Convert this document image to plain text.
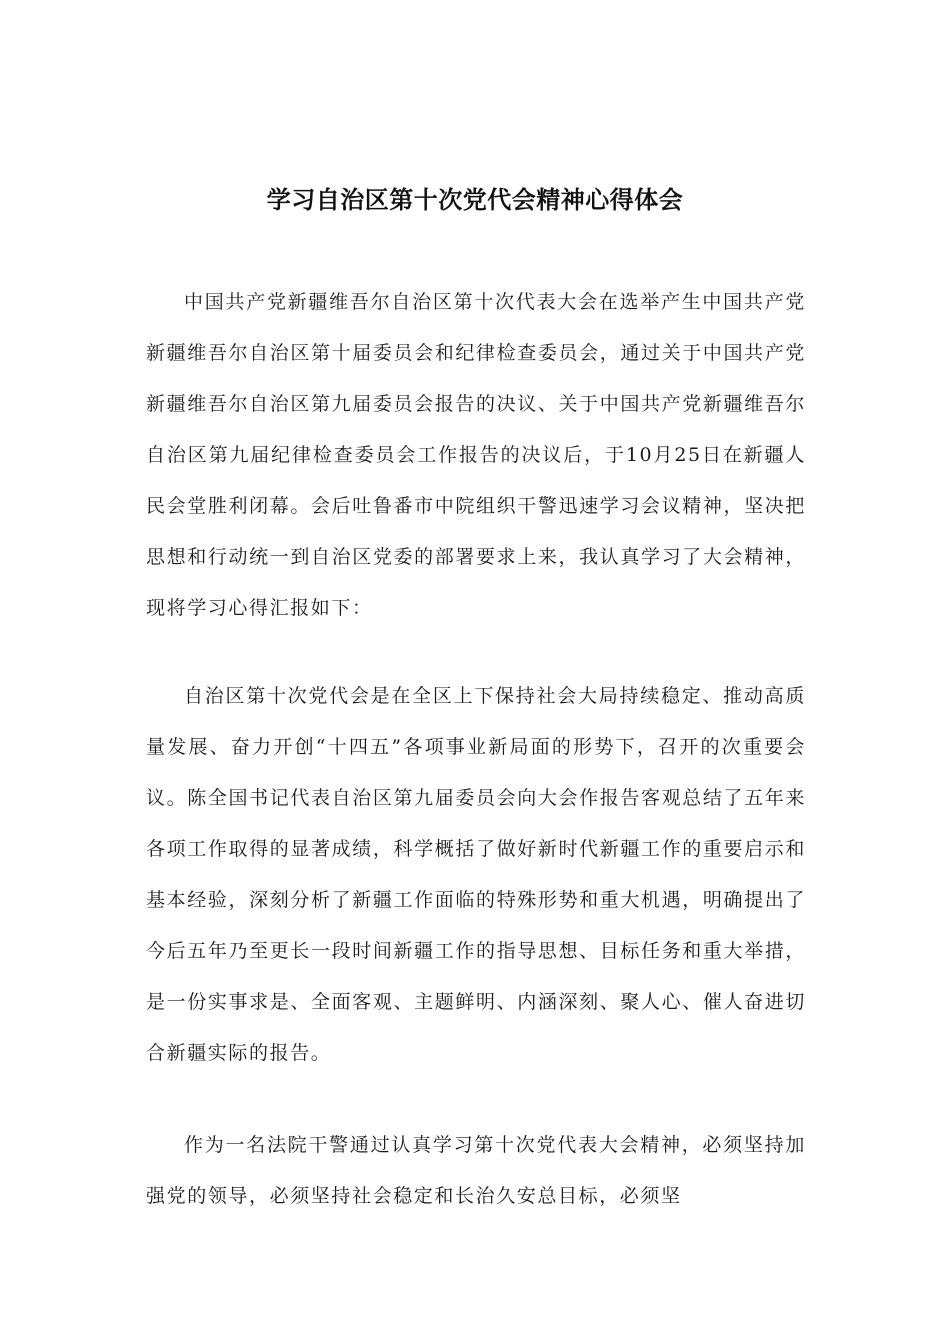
学习自治区第十次党代会精神心得体会

中国共产党新疆维吾尔自治区第十次代表大会在选举产生中国共产党新疆维吾尔自治区第十届委员会和纪律检查委员会，通过关于中国共产党新疆维吾尔自治区第九届委员会报告的决议、关于中国共产党新疆维吾尔自治区第九届纪律检查委员会工作报告的决议后，于10月25日在新疆人民会堂胜利闭幕。会后吐鲁番市中院组织干警迅速学习会议精神，坚决把思想和行动统一到自治区党委的部署要求上来，我认真学习了大会精神，现将学习心得汇报如下：

自治区第十次党代会是在全区上下保持社会大局持续稳定、推动高质量发展、奋力开创“十四五”各项事业新局面的形势下，召开的次重要会议。陈全国书记代表自治区第九届委员会向大会作报告客观总结了五年来各项工作取得的显著成绩，科学概括了做好新时代新疆工作的重要启示和基本经验，深刻分析了新疆工作面临的特殊形势和重大机遇，明确提出了今后五年乃至更长一段时间新疆工作的指导思想、目标任务和重大举措，是一份实事求是、全面客观、主题鲜明、内涵深刻、聚人心、催人奋进切合新疆实际的报告。

作为一名法院干警通过认真学习第十次党代表大会精神，必须坚持加强党的领导，必须坚持社会稳定和长治久安总目标，必须坚
